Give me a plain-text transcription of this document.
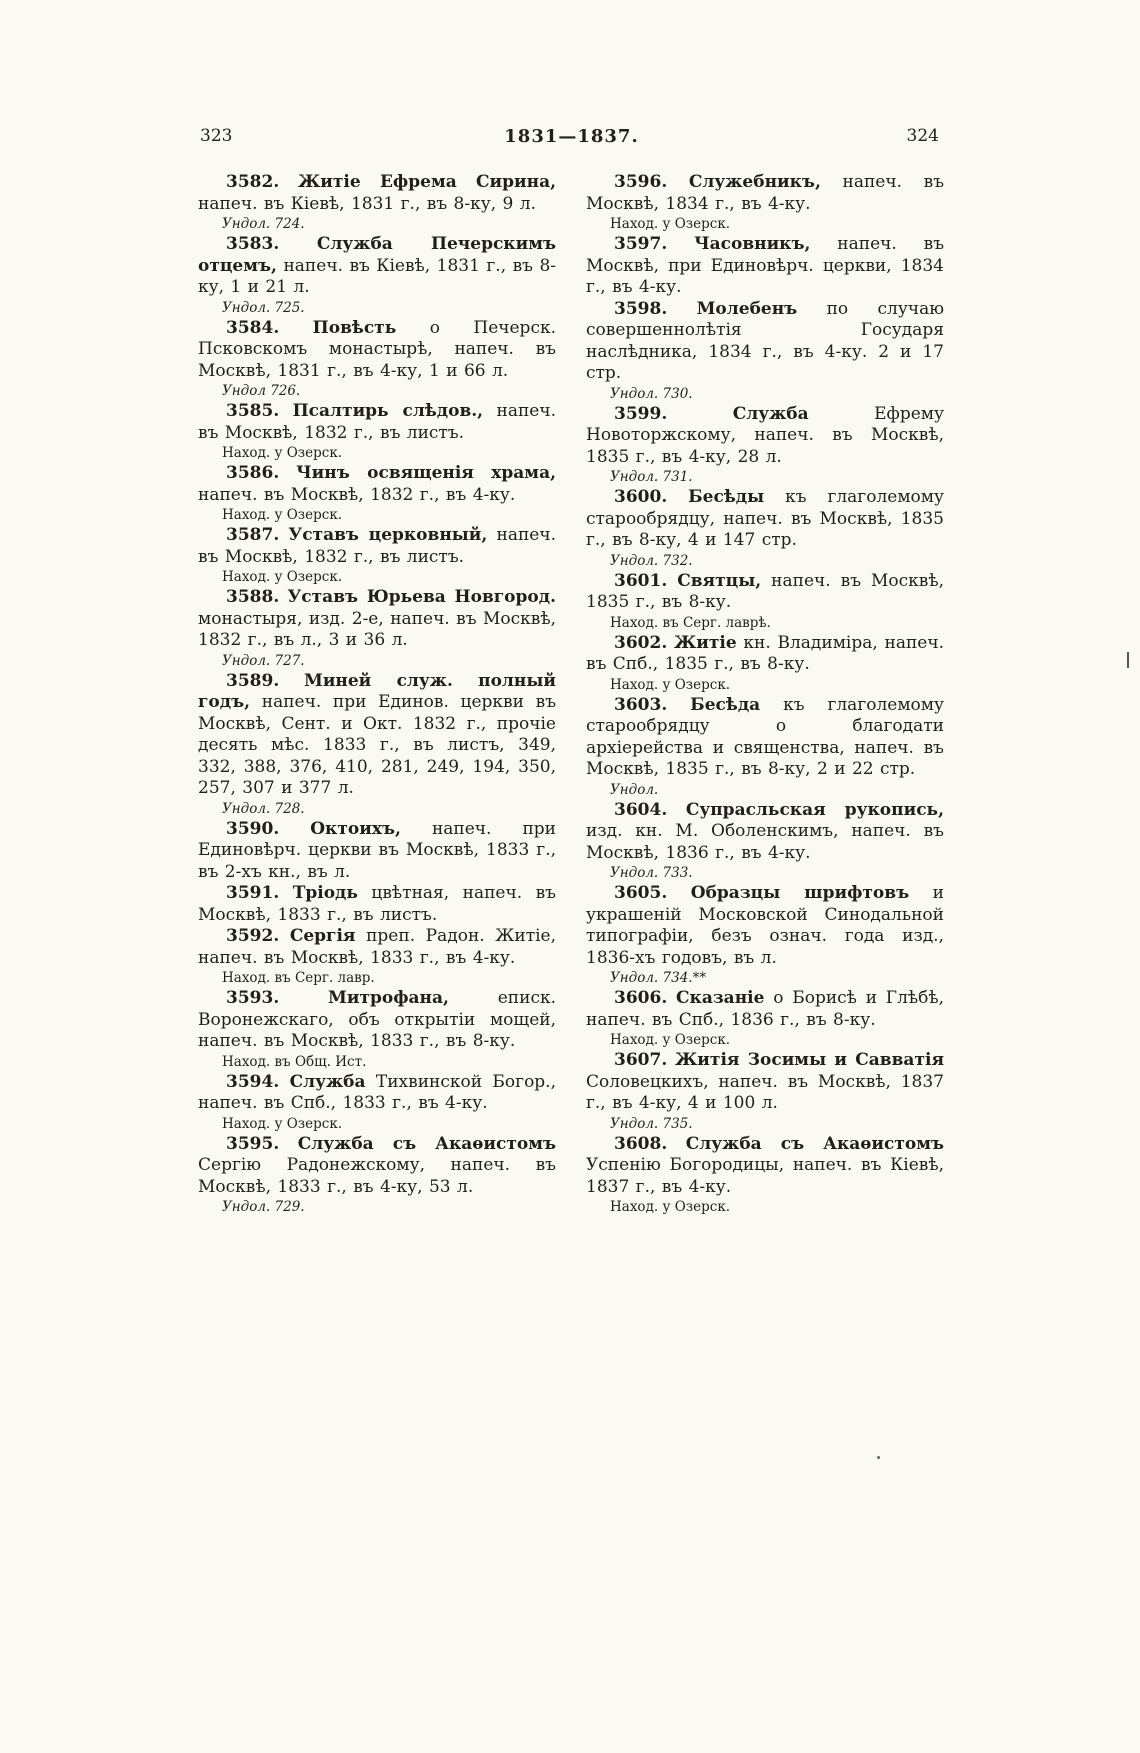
323	1831—1837.	324

3582. Житіе Ефрема Сирина, напеч. въ Кіевѣ, 1831 г., въ 8-ку, 9 л.

Ундол. 724.

3583. Служба Печерскимъ отцемъ, напеч. въ Кіевѣ, 1831 г., въ 8-ку, 1 и 21 л.

Ундол. 725.

3584. Повѣсть о Печерск. Псковскомъ монастырѣ, напеч. въ Москвѣ, 1831 г., въ 4-ку, 1 и 66 л.

Ундол 726.

3585. Псалтирь слѣдов., напеч. въ Москвѣ, 1832 г., въ листъ.

Наход. у Озерск.

3586. Чинъ освященія храма, напеч. въ Москвѣ, 1832 г., въ 4-ку.

Наход. у Озерск.

3587. Уставъ церковный, напеч. въ Москвѣ, 1832 г., въ листъ.

Наход. у Озерск.

3588. Уставъ Юрьева Новгород. монастыря, изд. 2-е, напеч. въ Москвѣ, 1832 г., въ л., 3 и 36 л.

Ундол. 727.

3589. Миней служ. полный годъ, напеч. при Единов. церкви въ Москвѣ, Сент. и Окт. 1832 г., прочіе десять мѣс. 1833 г., въ листъ, 349, 332, 388, 376, 410, 281, 249, 194, 350, 257, 307 и 377 л.

Ундол. 728.

3590. Октоихъ, напеч. при Единовѣрч. церкви въ Москвѣ, 1833 г., въ 2-хъ кн., въ л.

3591. Тріодь цвѣтная, напеч. въ Москвѣ, 1833 г., въ листъ.

3592. Сергія преп. Радон. Житіе, напеч. въ Москвѣ, 1833 г., въ 4-ку.

Наход. въ Серг. лавр.

3593.	Митрофана,	еписк. Воронежскаго, объ открытіи мощей, напеч. въ Москвѣ, 1833 г., въ 8-ку.

Наход. въ Общ. Ист.

3594. Служба Тихвинской Богор., напеч. въ Спб., 1833 г., въ 4-ку.

Наход. у Озерск.

3595. Служба съ Акаѳистомъ Сергію Радонежскому, напеч. въ Москвѣ, 1833 г., въ 4-ку, 53 л.

Ундол. 729.

3596. Служебникъ, напеч. въ Москвѣ, 1834 г., въ 4-ку.

Наход. у Озерск.

3597. Часовникъ, напеч. въ Москвѣ, при Единовѣрч. церкви, 1834 г., въ 4-ку.

3598. Молебенъ по случаю совершеннолѣтія Государя наслѣдника, 1834 г., въ 4-ку. 2 и 17 стр.

Ундол. 730.

3599.	Служба	Ефрему Новоторжскому, напеч. въ Москвѣ, 1835 г., въ 4-ку, 28 л.

Ундол. 731.

3600. Бесѣды къ глаголемому старообрядцу, напеч. въ Москвѣ, 1835 г., въ 8-ку, 4 и 147 стр.

Ундол. 732.

3601. Святцы, напеч. въ Москвѣ, 1835 г., въ 8-ку.

Наход. въ Серг. лаврѣ.

3602. Житіе кн. Владиміра, напеч. въ Спб., 1835 г., въ 8-ку.

Наход. у Озерск.

3603. Бесѣда къ глаголемому старообрядцу о благодати архіерейства и священства, напеч. въ Москвѣ, 1835 г., въ 8-ку, 2 и 22 стр.

Ундол.

3604. Супрасльская рукопись, изд. кн. М. Оболенскимъ, напеч. въ Москвѣ, 1836 г., въ 4-ку.

Ундол. 733.

3605. Образцы шрифтовъ и украшеній Московской Синодальной типографіи, безъ означ. года изд., 1836-хъ годовъ, въ л.

Ундол. 734.**

3606. Сказаніе о Борисѣ и Глѣбѣ, напеч. въ Спб., 1836 г., въ 8-ку.

Наход. у Озерск.

3607. Житія Зосимы и Савватія Соловецкихъ, напеч. въ Москвѣ, 1837 г., въ 4-ку, 4 и 100 л.

Ундол. 735.

3608. Служба съ Акаѳистомъ Успенію Богородицы, напеч. въ Кіевѣ, 1837 г., въ 4-ку.

Наход. у Озерск.
